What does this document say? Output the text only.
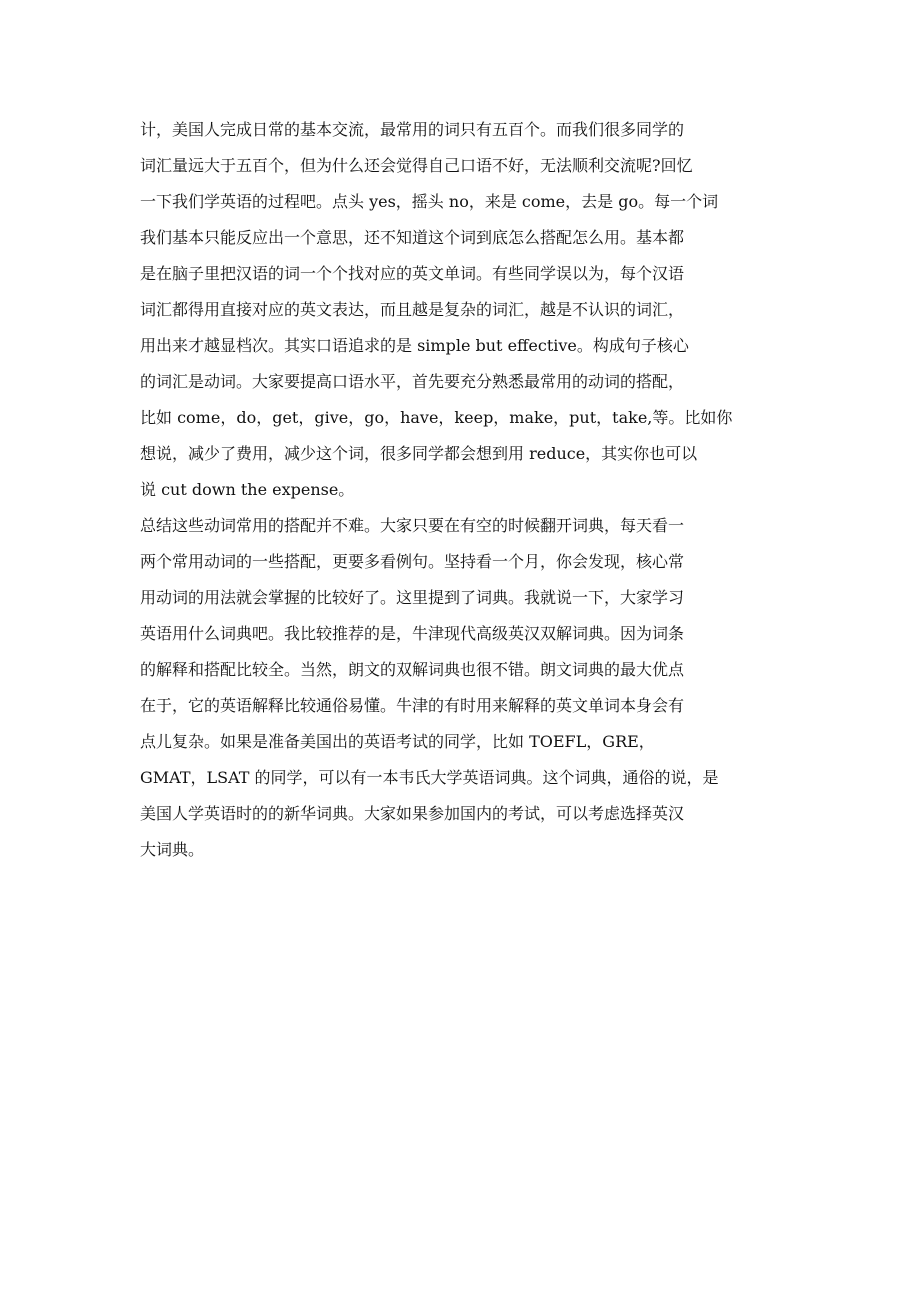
计，美国人完成日常的基本交流，最常用的词只有五百个。而我们很多同学的
词汇量远大于五百个，但为什么还会觉得自己口语不好，无法顺利交流呢?回忆
一下我们学英语的过程吧。点头 yes，摇头 no，来是 come，去是 go。每一个词
我们基本只能反应出一个意思，还不知道这个词到底怎么搭配怎么用。基本都
是在脑子里把汉语的词一个个找对应的英文单词。有些同学误以为，每个汉语
词汇都得用直接对应的英文表达，而且越是复杂的词汇，越是不认识的词汇，
用出来才越显档次。其实口语追求的是 simple but effective。构成句子核心
的词汇是动词。大家要提高口语水平，首先要充分熟悉最常用的动词的搭配，
比如 come，do，get，give，go，have，keep，make，put，take,等。比如你
想说，减少了费用，减少这个词，很多同学都会想到用 reduce，其实你也可以
说 cut down the expense。
总结这些动词常用的搭配并不难。大家只要在有空的时候翻开词典，每天看一
两个常用动词的一些搭配，更要多看例句。坚持看一个月，你会发现，核心常
用动词的用法就会掌握的比较好了。这里提到了词典。我就说一下，大家学习
英语用什么词典吧。我比较推荐的是，牛津现代高级英汉双解词典。因为词条
的解释和搭配比较全。当然，朗文的双解词典也很不错。朗文词典的最大优点
在于，它的英语解释比较通俗易懂。牛津的有时用来解释的英文单词本身会有
点儿复杂。如果是准备美国出的英语考试的同学，比如 TOEFL，GRE，
GMAT，LSAT 的同学，可以有一本韦氏大学英语词典。这个词典，通俗的说，是
美国人学英语时的的新华词典。大家如果参加国内的考试，可以考虑选择英汉
大词典。
